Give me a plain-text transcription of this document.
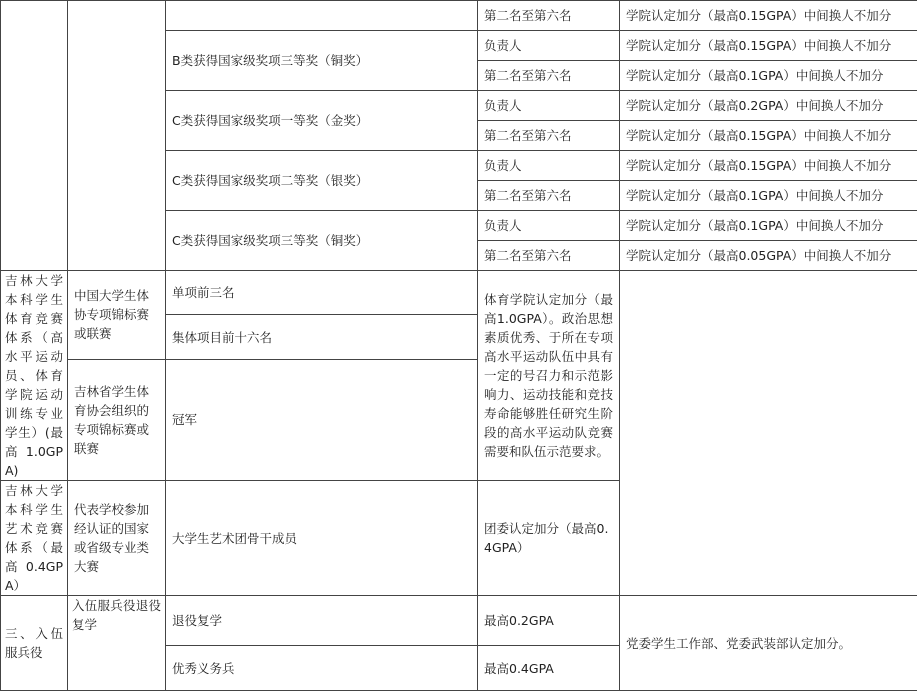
			第二名至第六名	学院认定加分（最高0.15GPA）中间换人不加分
		B类获得国家级奖项三等奖（铜奖）	负责人	学院认定加分（最高0.15GPA）中间换人不加分
			第二名至第六名	学院认定加分（最高0.1GPA）中间换人不加分
		C类获得国家级奖项一等奖（金奖）	负责人	学院认定加分（最高0.2GPA）中间换人不加分
			第二名至第六名	学院认定加分（最高0.15GPA）中间换人不加分
		C类获得国家级奖项二等奖（银奖）	负责人	学院认定加分（最高0.15GPA）中间换人不加分
			第二名至第六名	学院认定加分（最高0.1GPA）中间换人不加分
		C类获得国家级奖项三等奖（铜奖）	负责人	学院认定加分（最高0.1GPA）中间换人不加分
			第二名至第六名	学院认定加分（最高0.05GPA）中间换人不加分
吉林大学本科学生体育竞赛体系（高水平运动员、体育学院运动训练专业学生）(最高1.0GPA)	中国大学生体协专项锦标赛或联赛	单项前三名	体育学院认定加分（最高1.0GPA）。政治思想素质优秀、于所在专项高水平运动队伍中具有一定的号召力和示范影响力、运动技能和竞技寿命能够胜任研究生阶段的高水平运动队竞赛需要和队伍示范要求。	
		集体项目前十六名		
	吉林省学生体育协会组织的专项锦标赛或联赛	冠军		
吉林大学本科学生艺术竞赛体系（最高0.4GPA）	代表学校参加经认证的国家或省级专业类大赛	大学生艺术团骨干成员	团委认定加分（最高0.4GPA）	
三、入伍服兵役	入伍服兵役退役复学	退役复学	最高0.2GPA	党委学生工作部、党委武装部认定加分。
		优秀义务兵	最高0.4GPA	
